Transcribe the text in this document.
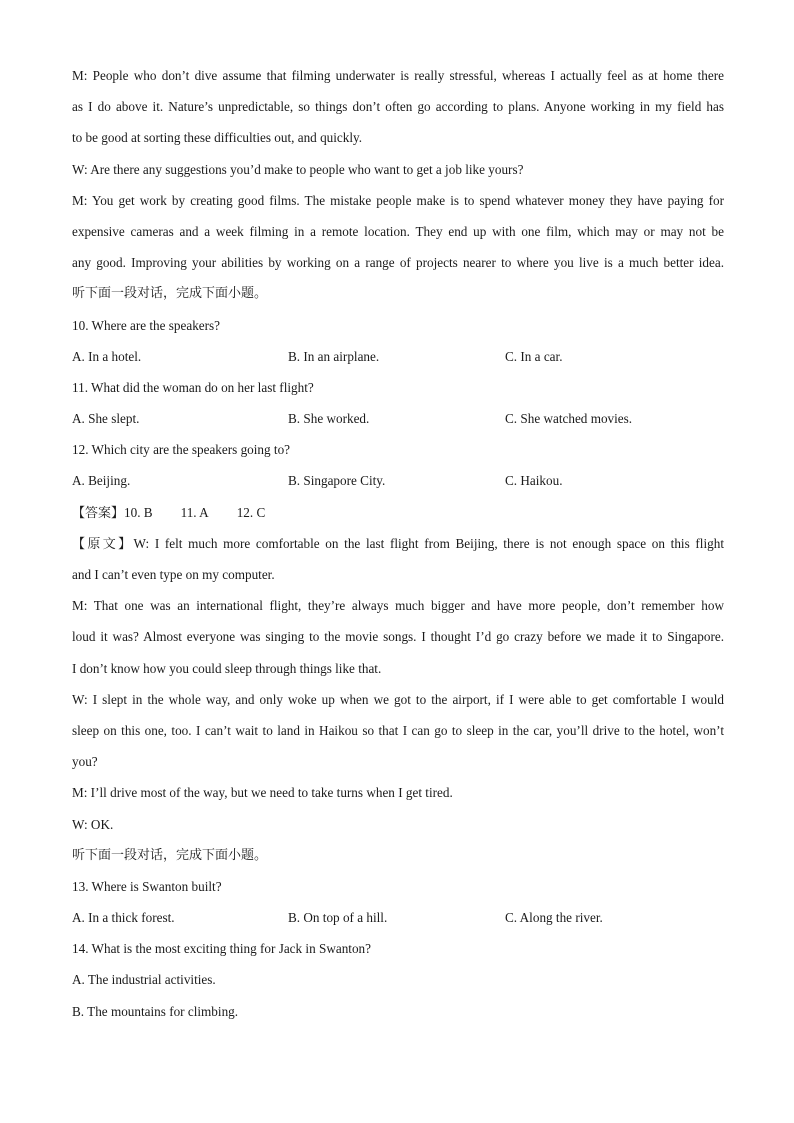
M: People who don’t dive assume that filming underwater is really stressful, whereas I actually feel as at home there
as I do above it. Nature’s unpredictable, so things don’t often go according to plans. Anyone working in my field has
to be good at sorting these difficulties out, and quickly.
W: Are there any suggestions you’d make to people who want to get a job like yours?
M: You get work by creating good films. The mistake people make is to spend whatever money they have paying for
expensive cameras and a week filming in a remote location. They end up with one film, which may or may not be
any good. Improving your abilities by working on a range of projects nearer to where you live is a much better idea.
听下面一段对话，完成下面小题。
10. Where are the speakers?
A. In a hotel.	B. In an airplane.	C. In a car.
11. What did the woman do on her last flight?
A. She slept.	B. She worked.	C. She watched movies.
12. Which city are the speakers going to?
A. Beijing.	B. Singapore City.	C. Haikou.
【答案】10. B 11. A 12. C
【原文】W: I felt much more comfortable on the last flight from Beijing, there is not enough space on this flight
and I can’t even type on my computer.
M: That one was an international flight, they’re always much bigger and have more people, don’t remember how
loud it was? Almost everyone was singing to the movie songs. I thought I’d go crazy before we made it to Singapore.
I don’t know how you could sleep through things like that.
W: I slept in the whole way, and only woke up when we got to the airport, if I were able to get comfortable I would
sleep on this one, too. I can’t wait to land in Haikou so that I can go to sleep in the car, you’ll drive to the hotel, won’t
you?
M: I’ll drive most of the way, but we need to take turns when I get tired.
W: OK.
听下面一段对话，完成下面小题。
13. Where is Swanton built?
A. In a thick forest.	B. On top of a hill.	C. Along the river.
14. What is the most exciting thing for Jack in Swanton?
A. The industrial activities.
B. The mountains for climbing.
